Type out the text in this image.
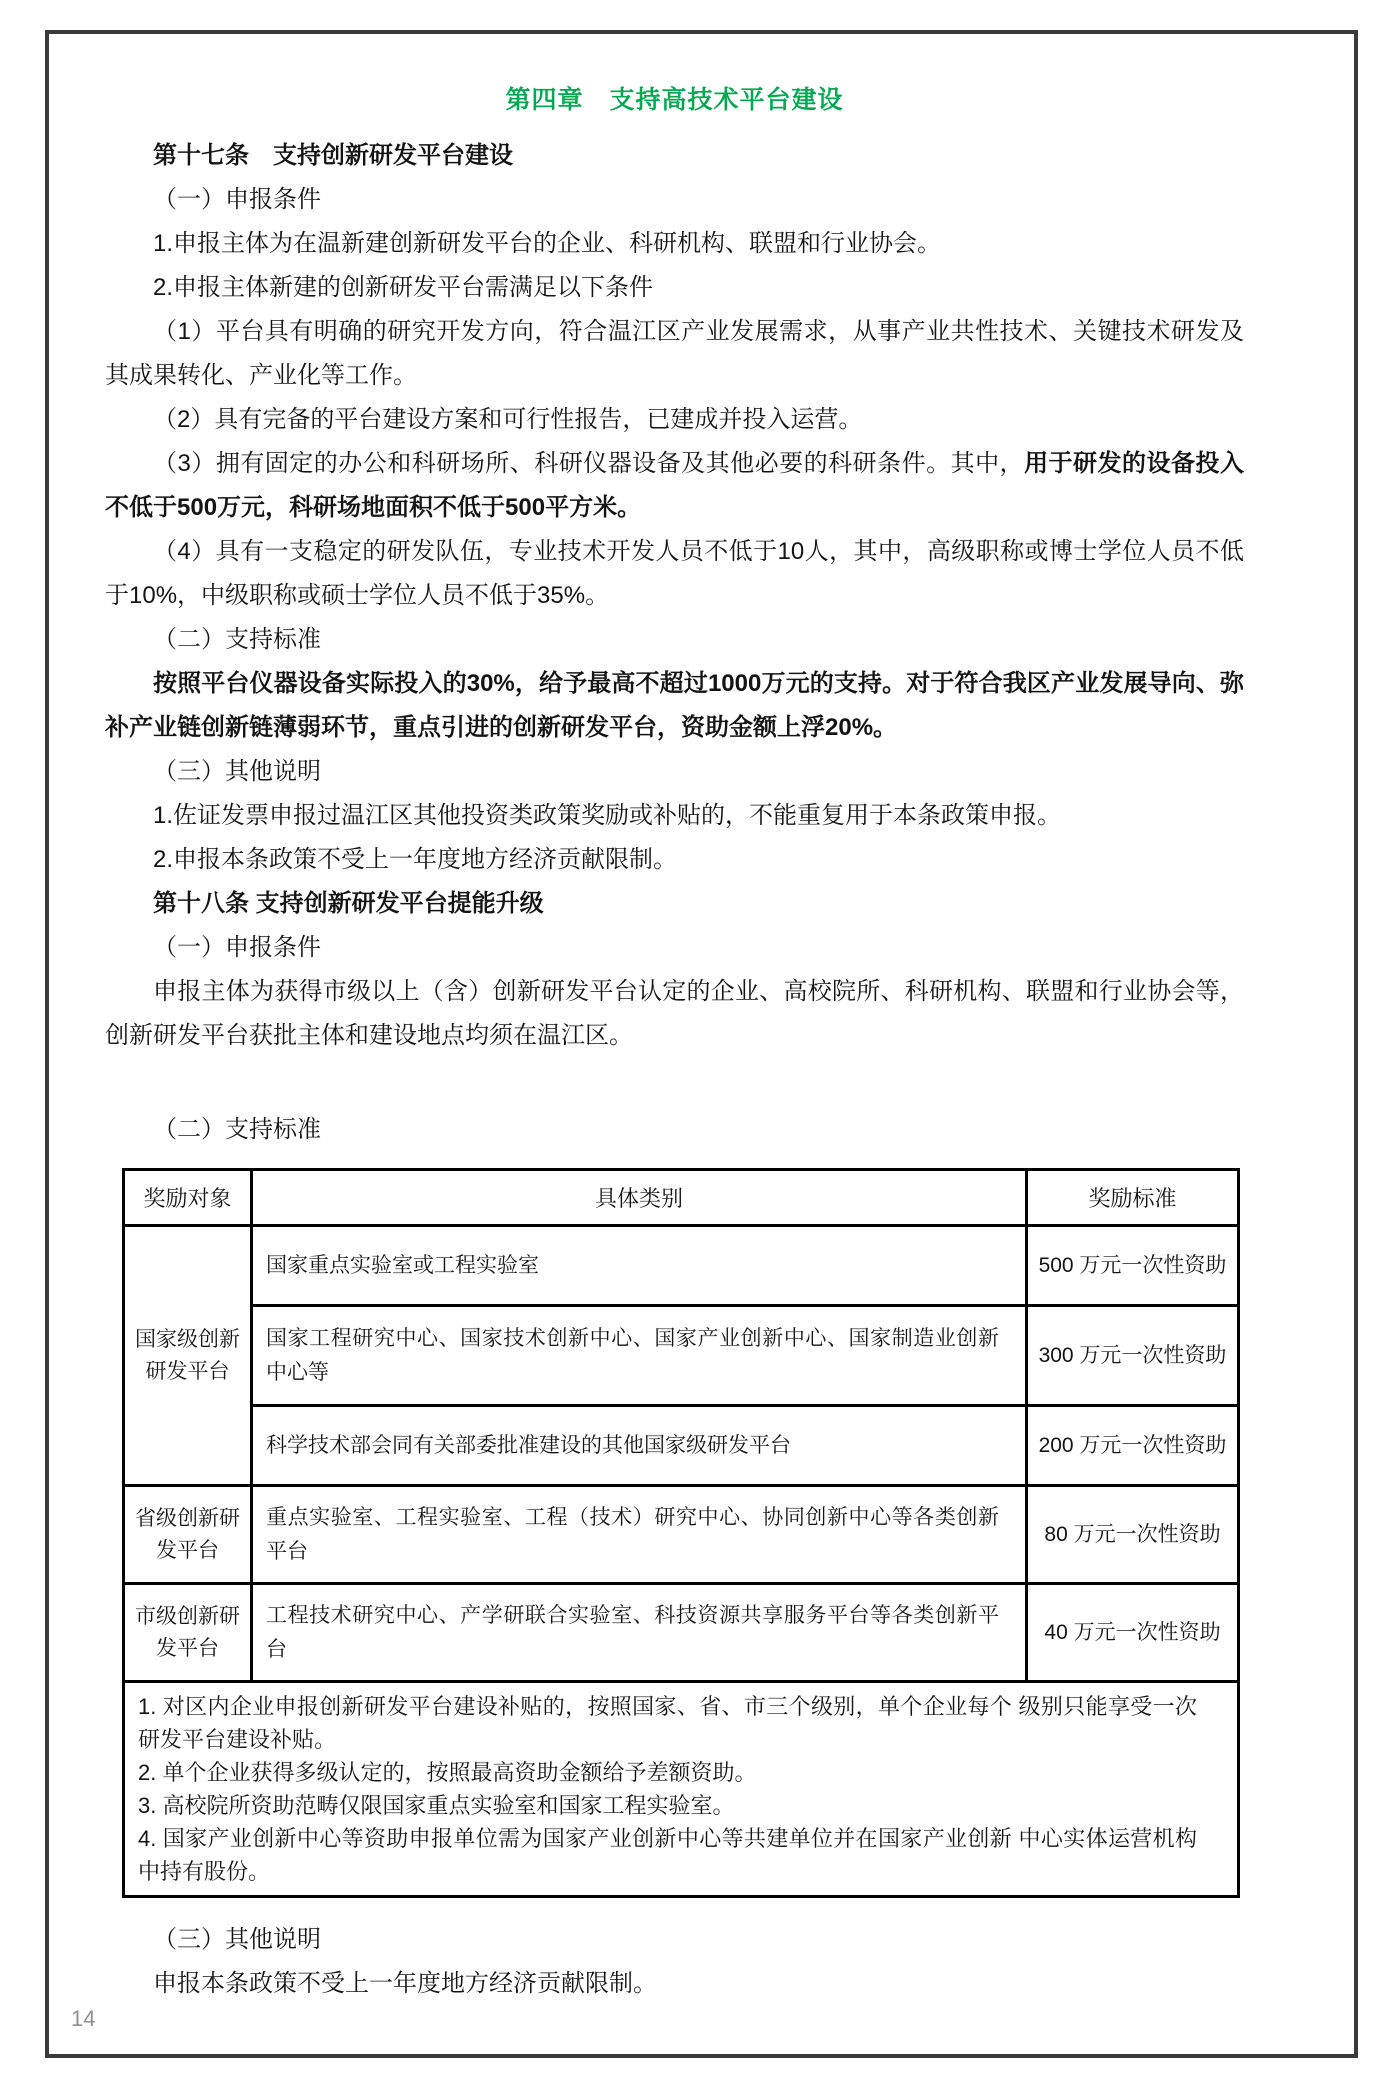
第四章　支持高技术平台建设

第十七条　支持创新研发平台建设

（一）申报条件

1.申报主体为在温新建创新研发平台的企业、科研机构、联盟和行业协会。

2.申报主体新建的创新研发平台需满足以下条件

（1）平台具有明确的研究开发方向，符合温江区产业发展需求，从事产业共性技术、关键技术研发及其成果转化、产业化等工作。

（2）具有完备的平台建设方案和可行性报告，已建成并投入运营。

（3）拥有固定的办公和科研场所、科研仪器设备及其他必要的科研条件。其中，用于研发的设备投入不低于500万元，科研场地面积不低于500平方米。

（4）具有一支稳定的研发队伍，专业技术开发人员不低于10人，其中，高级职称或博士学位人员不低于10%，中级职称或硕士学位人员不低于35%。

（二）支持标准

按照平台仪器设备实际投入的30%，给予最高不超过1000万元的支持。对于符合我区产业发展导向、弥补产业链创新链薄弱环节，重点引进的创新研发平台，资助金额上浮20%。

（三）其他说明

1.佐证发票申报过温江区其他投资类政策奖励或补贴的，不能重复用于本条政策申报。

2.申报本条政策不受上一年度地方经济贡献限制。

第十八条 支持创新研发平台提能升级

（一）申报条件

申报主体为获得市级以上（含）创新研发平台认定的企业、高校院所、科研机构、联盟和行业协会等，创新研发平台获批主体和建设地点均须在温江区。

（二）支持标准

奖励对象	具体类别	奖励标准
国家级创新研发平台	国家重点实验室或工程实验室	500 万元一次性资助
	国家工程研究中心、国家技术创新中心、国家产业创新中心、国家制造业创新中心等	300 万元一次性资助
	科学技术部会同有关部委批准建设的其他国家级研发平台	200 万元一次性资助
省级创新研发平台	重点实验室、工程实验室、工程（技术）研究中心、协同创新中心等各类创新平台	80 万元一次性资助
市级创新研发平台	工程技术研究中心、产学研联合实验室、科技资源共享服务平台等各类创新平台	40 万元一次性资助

1. 对区内企业申报创新研发平台建设补贴的，按照国家、省、市三个级别，单个企业每个 级别只能享受一次研发平台建设补贴。
2. 单个企业获得多级认定的，按照最高资助金额给予差额资助。
3. 高校院所资助范畴仅限国家重点实验室和国家工程实验室。
4. 国家产业创新中心等资助申报单位需为国家产业创新中心等共建单位并在国家产业创新 中心实体运营机构中持有股份。		

（三）其他说明

申报本条政策不受上一年度地方经济贡献限制。

14
